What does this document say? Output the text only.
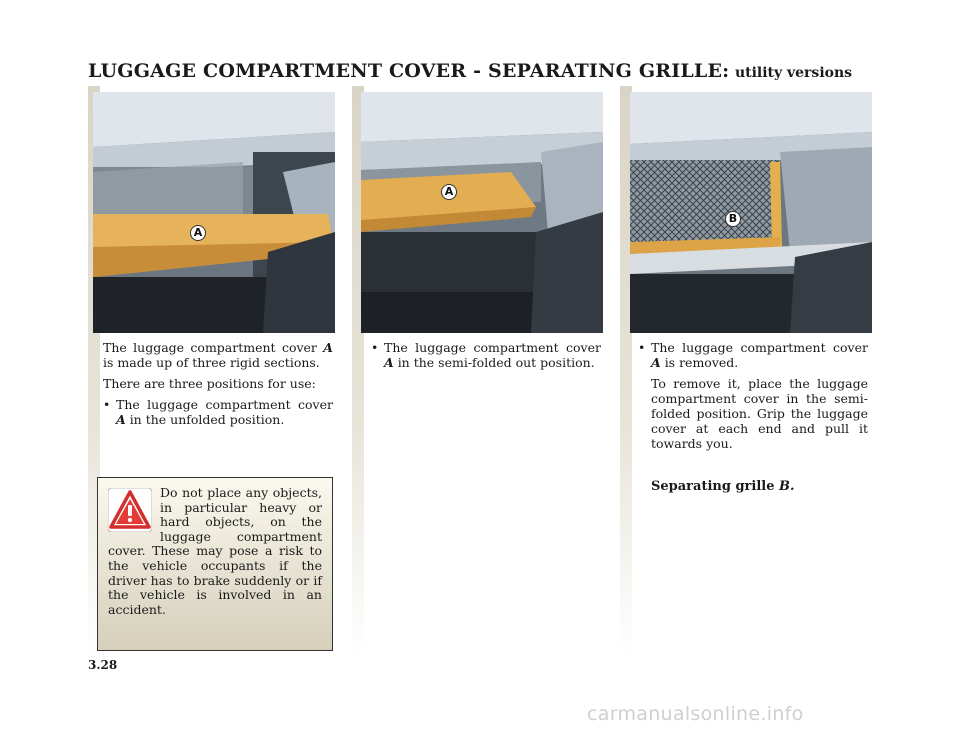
LUGGAGE COMPARTMENT COVER - SEPARATING GRILLE: utility versions
A
A
B

The luggage compartment cover A is made up of three rigid sections.

There are three positions for use:

• The luggage compartment cover A in the unfolded position.
Do not place any objects, in particular heavy or hard objects, on the luggage compartment cover. These may pose a risk to the vehicle occupants if the driver has to brake suddenly or if the vehicle is involved in an accident.
• The luggage compartment cover A in the semi-folded out position.
• The luggage compartment cover A is removed.

To remove it, place the luggage compartment cover in the semi-folded position. Grip the luggage cover at each end and pull it towards you.

Separating grille B.
3.28
carmanualsonline.info
